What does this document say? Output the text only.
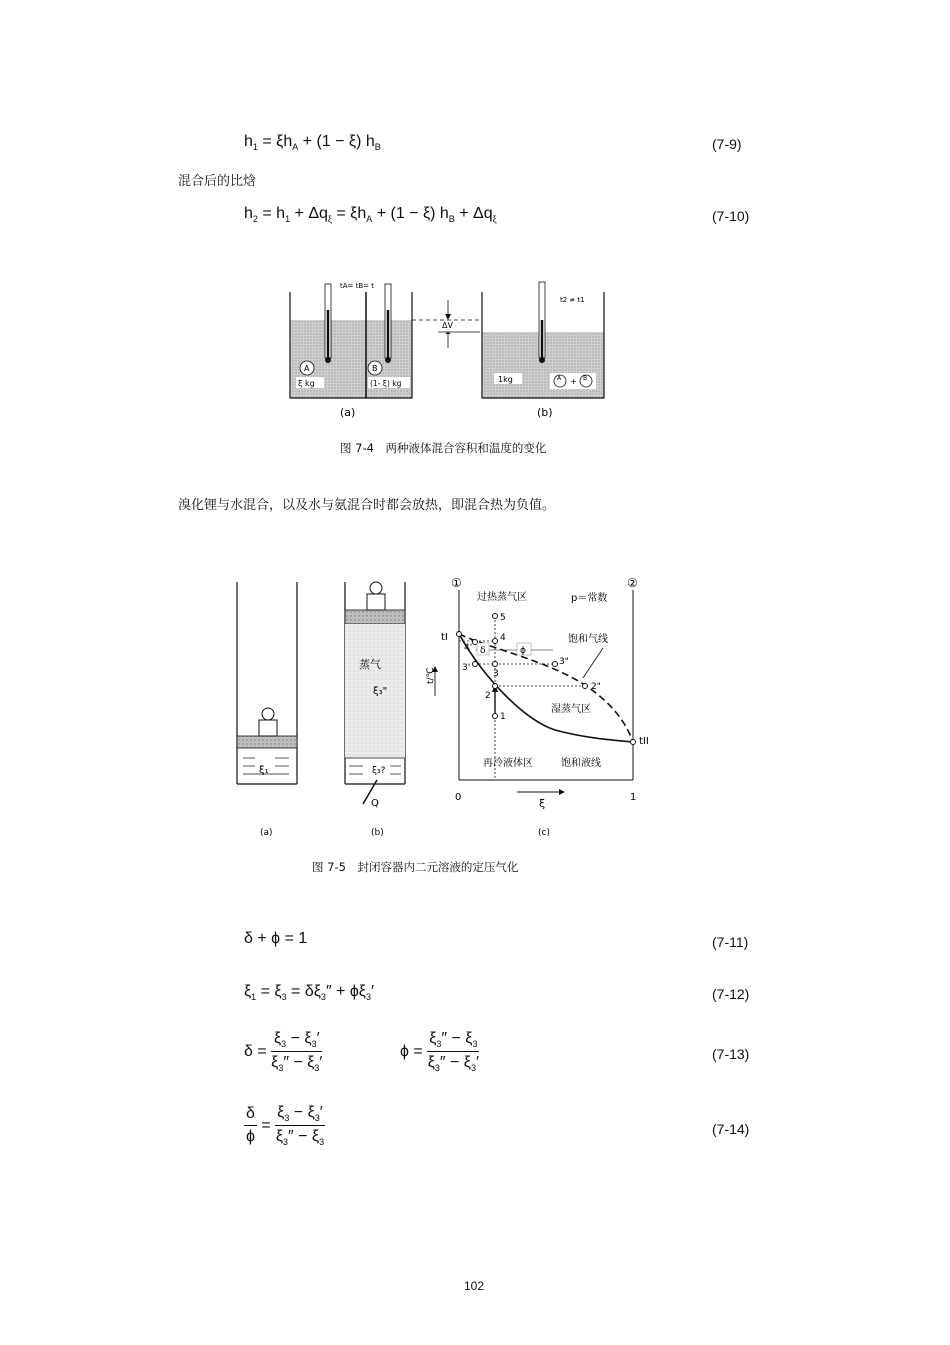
$h_1 = \xi h_A + (1 - \xi)$ $h_B$	(7-9)
混合后的比焓
$h_2 = h_1 + \Delta q_\xi = \xi h_A + (1 - \xi) h_B + \Delta q_\xi$	(7-10)
tA= tB= t
A
ξ kg
B
(1- ξ) kg
ΔV
t2 ≠ t1
1kg	A + B
(a)	(b)
图 7-4　两种液体混合容积和温度的变化
溴化锂与水混合，以及水与氨混合时都会放热，即混合热为负值。
ξ₁
蒸气
ξ₃"
ξ₃?
Q
①	②
过热蒸气区	p＝常数
饱和气线
湿蒸气区
饱和液线
再冷液体区
δ	ϕ
5
4
4'
3'
3
3"
2
2"
1
tI
tII
t/℃
0	1
ξ
(a)	(b)	(c)
图 7-5　封闭容器内二元溶液的定压气化
δ + ϕ = 1	(7-11)
$\xi_1 = \xi_3 = \delta\xi_3'' + \phi\xi_3'$	(7-12)
$\delta = \frac{\xi_3 - \xi_3'}{\xi_3'' - \xi_3'}$	$\phi = \frac{\xi_3'' - \xi_3}{\xi_3'' - \xi_3'}$	(7-13)
$\frac{\delta}{\phi} = \frac{\xi_3 - \xi_3'}{\xi_3'' - \xi_3}$	(7-14)
102
